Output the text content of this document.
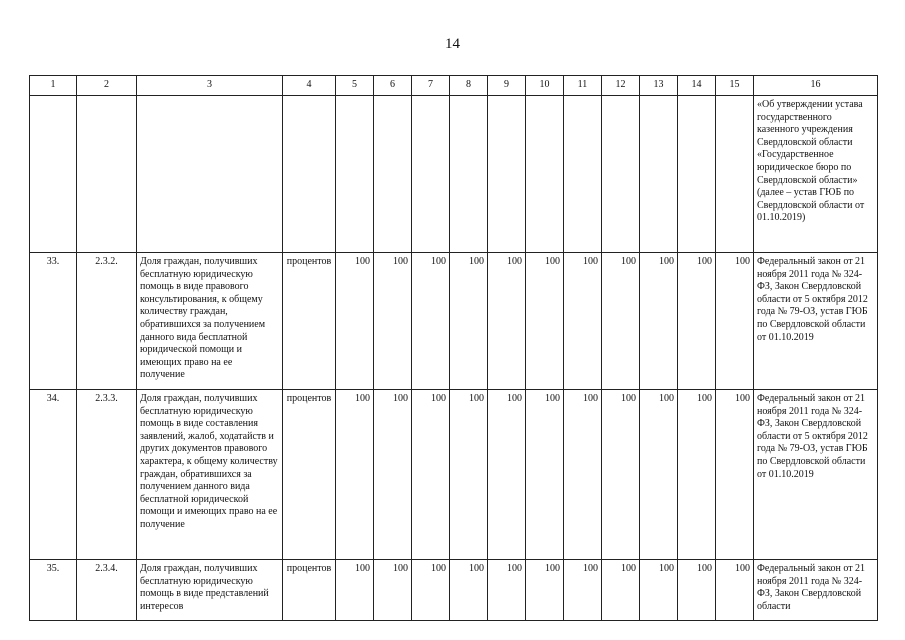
14
1	2	3	4	5	6	7	8	9	10	11	12	13	14	15	16
															«Об утверждении устава государственного казенного учреждения Свердловской области «Государственное юридическое бюро по Свердловской области» (далее – устав ГЮБ по Свердловской области от 01.10.2019)
33.	2.3.2.	Доля граждан, получивших бесплатную юридическую помощь в виде правового консультирования, к общему количеству граждан, обратившихся за получением данного вида бесплатной юридической помощи и имеющих право на ее получение	процентов	100	100	100	100	100	100	100	100	100	100	100	Федеральный закон от 21 ноября 2011 года № 324-ФЗ, Закон Свердловской области от 5 октября 2012 года № 79-ОЗ, устав ГЮБ по Свердловской области от 01.10.2019
34.	2.3.3.	Доля граждан, получивших бесплатную юридическую помощь в виде составления заявлений, жалоб, ходатайств и других документов правового характера, к общему количеству граждан, обратившихся за получением данного вида бесплатной юридической помощи и имеющих право на ее получение	процентов	100	100	100	100	100	100	100	100	100	100	100	Федеральный закон от 21 ноября 2011 года № 324-ФЗ, Закон Свердловской области от 5 октября 2012 года № 79-ОЗ, устав ГЮБ по Свердловской области от 01.10.2019
35.	2.3.4.	Доля граждан, получивших бесплатную юридическую помощь в виде представлений интересов	процентов	100	100	100	100	100	100	100	100	100	100	100	Федеральный закон от 21 ноября 2011 года № 324-ФЗ, Закон Свердловской области
